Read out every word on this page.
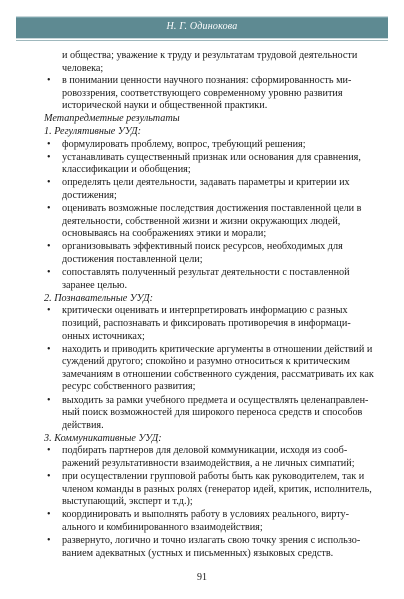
Н. Г. Одинокова

и общества; уважение к труду и результатам трудовой деятельности

человека;

• в понимании ценности научного познания: сформированность мировоззрения, соответствующего современному уровню развития исторической науки и общественной практики.

Метапредметные результаты

1. Регулятивные УУД:

• формулировать проблему, вопрос, требующий решения;
• устанавливать существенный признак или основания для сравнения, классификации и обобщения;
• определять цели деятельности, задавать параметры и критерии их достижения;
• оценивать возможные последствия достижения поставленной цели в деятельности, собственной жизни и жизни окружающих людей, основываясь на соображениях этики и морали;
• организовывать эффективный поиск ресурсов, необходимых для достижения поставленной цели;
• сопоставлять полученный результат деятельности с поставленной заранее целью.

2. Познавательные УУД:

• критически оценивать и интерпретировать информацию с разных позиций, распознавать и фиксировать противоречия в информационных источниках;
• находить и приводить критические аргументы в отношении действий и суждений другого; спокойно и разумно относиться к критическим замечаниям в отношении собственного суждения, рассматривать их как ресурс собственного развития;
• выходить за рамки учебного предмета и осуществлять целенаправленный поиск возможностей для широкого переноса средств и способов действия.

3. Коммуникативные УУД:

• подбирать партнеров для деловой коммуникации, исходя из соображений результативности взаимодействия, а не личных симпатий;
• при осуществлении групповой работы быть как руководителем, так и членом команды в разных ролях (генератор идей, критик, исполнитель, выступающий, эксперт и т.д.);
• координировать и выполнять работу в условиях реального, виртуального и комбинированного взаимодействия;
• развернуто, логично и точно излагать свою точку зрения с использованием адекватных (устных и письменных) языковых средств.
91
